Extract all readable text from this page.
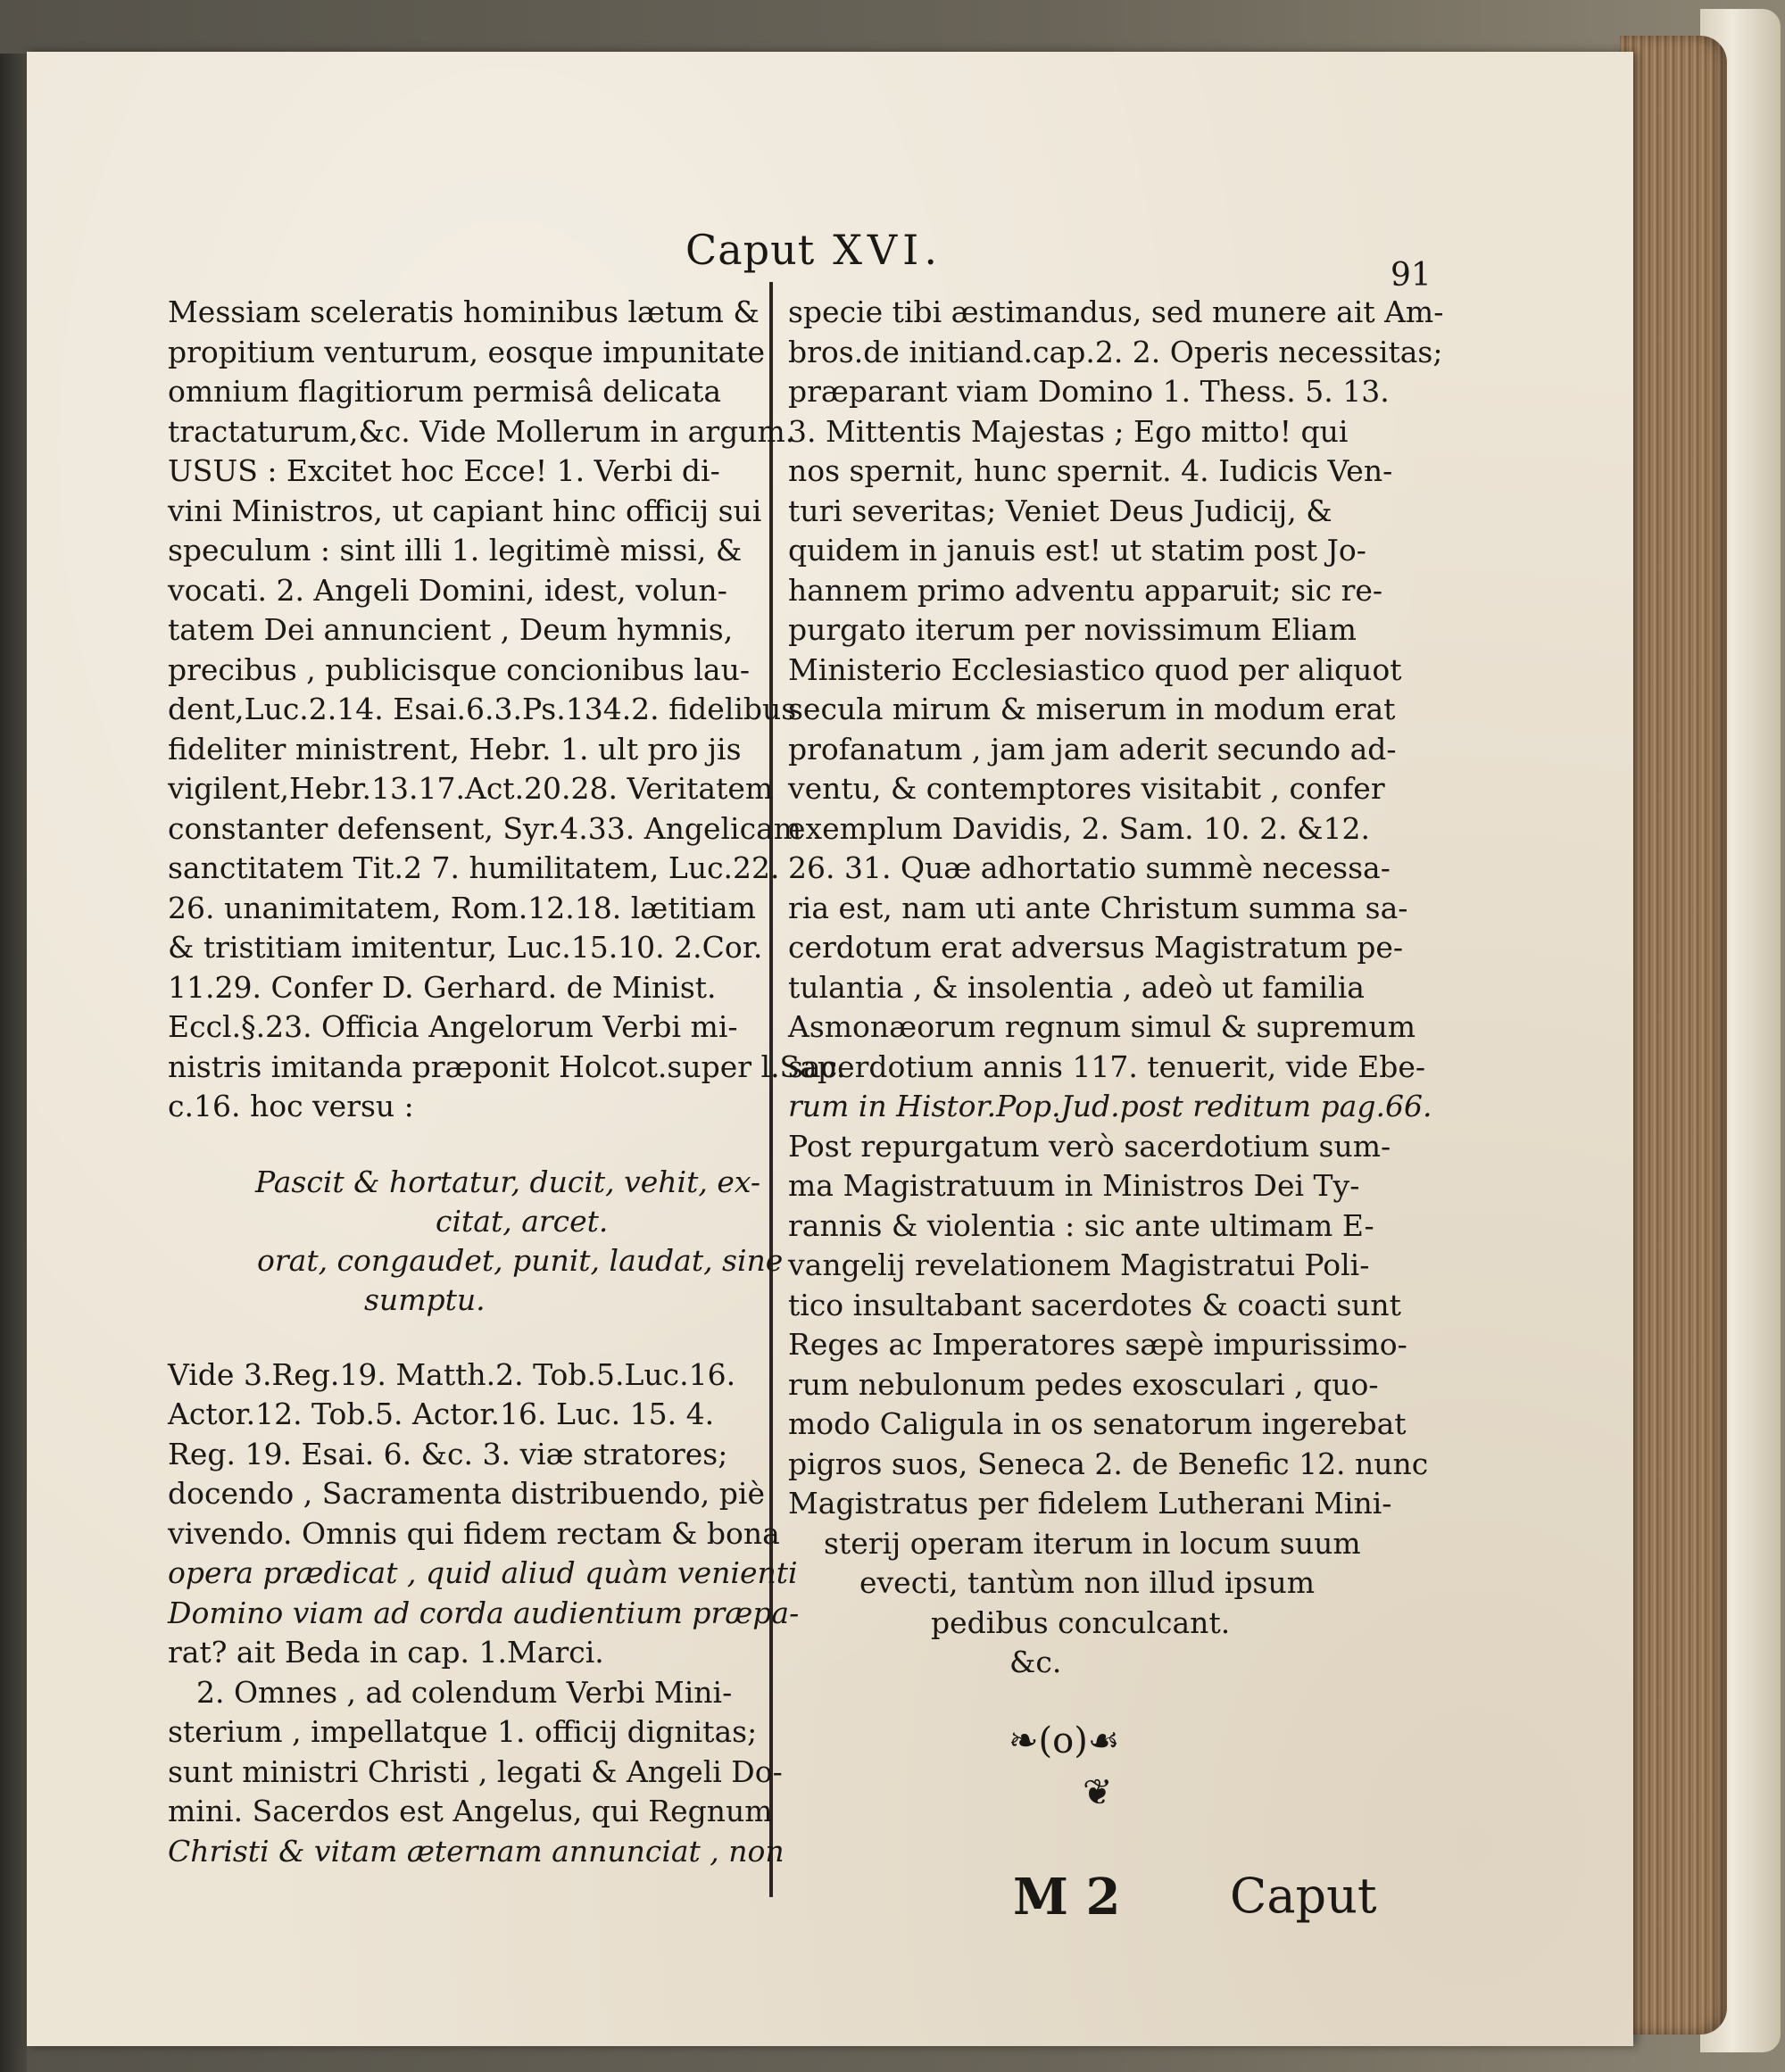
Caput XVI.
91
Messiam sceleratis hominibus lætum &
propitium venturum, eosque impunitate
omnium flagitiorum permisâ delicata
tractaturum,&c. Vide Mollerum in argum.
USUS : Excitet hoc Ecce! 1. Verbi di-
vini Ministros, ut capiant hinc officij sui
speculum : sint illi 1. legitimè missi, &
vocati. 2. Angeli Domini, idest, volun-
tatem Dei annuncient , Deum hymnis,
precibus , publicisque concionibus lau-
dent,Luc.2.14. Esai.6.3.Ps.134.2. fidelibus
fideliter ministrent, Hebr. 1. ult pro jis
vigilent,Hebr.13.17.Act.20.28. Veritatem
constanter defensent, Syr.4.33. Angelicam
sanctitatem Tit.2 7. humilitatem, Luc.22.
26. unanimitatem, Rom.12.18. lætitiam
& tristitiam imitentur, Luc.15.10. 2.Cor.
11.29. Confer D. Gerhard. de Minist.
Eccl.§.23. Officia Angelorum Verbi mi-
nistris imitanda præponit Holcot.super l.Sap.
c.16. hoc versu :
Pascit & hortatur, ducit, vehit, ex-
citat, arcet.
orat, congaudet, punit, laudat, sine
sumptu.
Vide 3.Reg.19. Matth.2. Tob.5.Luc.16.
Actor.12. Tob.5. Actor.16. Luc. 15. 4.
Reg. 19. Esai. 6. &c. 3. viæ stratores;
docendo , Sacramenta distribuendo, piè
vivendo. Omnis qui fidem rectam & bona
opera prædicat , quid aliud quàm venienti
Domino viam ad corda audientium præpa-
rat? ait Beda in cap. 1.Marci.
2. Omnes , ad colendum Verbi Mini-
sterium , impellatque 1. officij dignitas;
sunt ministri Christi , legati & Angeli Do-
mini. Sacerdos est Angelus, qui Regnum
Christi & vitam æternam annunciat , non
specie tibi æstimandus, sed munere ait Am-
bros.de initiand.cap.2. 2. Operis necessitas;
præparant viam Domino 1. Thess. 5. 13.
3. Mittentis Majestas ; Ego mitto! qui
nos spernit, hunc spernit. 4. Iudicis Ven-
turi severitas; Veniet Deus Judicij, &
quidem in januis est! ut statim post Jo-
hannem primo adventu apparuit; sic re-
purgato iterum per novissimum Eliam
Ministerio Ecclesiastico quod per aliquot
secula mirum & miserum in modum erat
profanatum , jam jam aderit secundo ad-
ventu, & contemptores visitabit , confer
exemplum Davidis, 2. Sam. 10. 2. &12.
26. 31. Quæ adhortatio summè necessa-
ria est, nam uti ante Christum summa sa-
cerdotum erat adversus Magistratum pe-
tulantia , & insolentia , adeò ut familia
Asmonæorum regnum simul & supremum
sacerdotium annis 117. tenuerit, vide Ebe-
rum in Histor.Pop.Jud.post reditum pag.66.
Post repurgatum verò sacerdotium sum-
ma Magistratuum in Ministros Dei Ty-
rannis & violentia : sic ante ultimam E-
vangelij revelationem Magistratui Poli-
tico insultabant sacerdotes & coacti sunt
Reges ac Imperatores sæpè impurissimo-
rum nebulonum pedes exosculari , quo-
modo Caligula in os senatorum ingerebat
pigros suos, Seneca 2. de Benefic 12. nunc
Magistratus per fidelem Lutherani Mini-
sterij operam iterum in locum suum
evecti, tantùm non illud ipsum
pedibus conculcant.
&c.
❧(o)☙
❦
M 2 Caput
